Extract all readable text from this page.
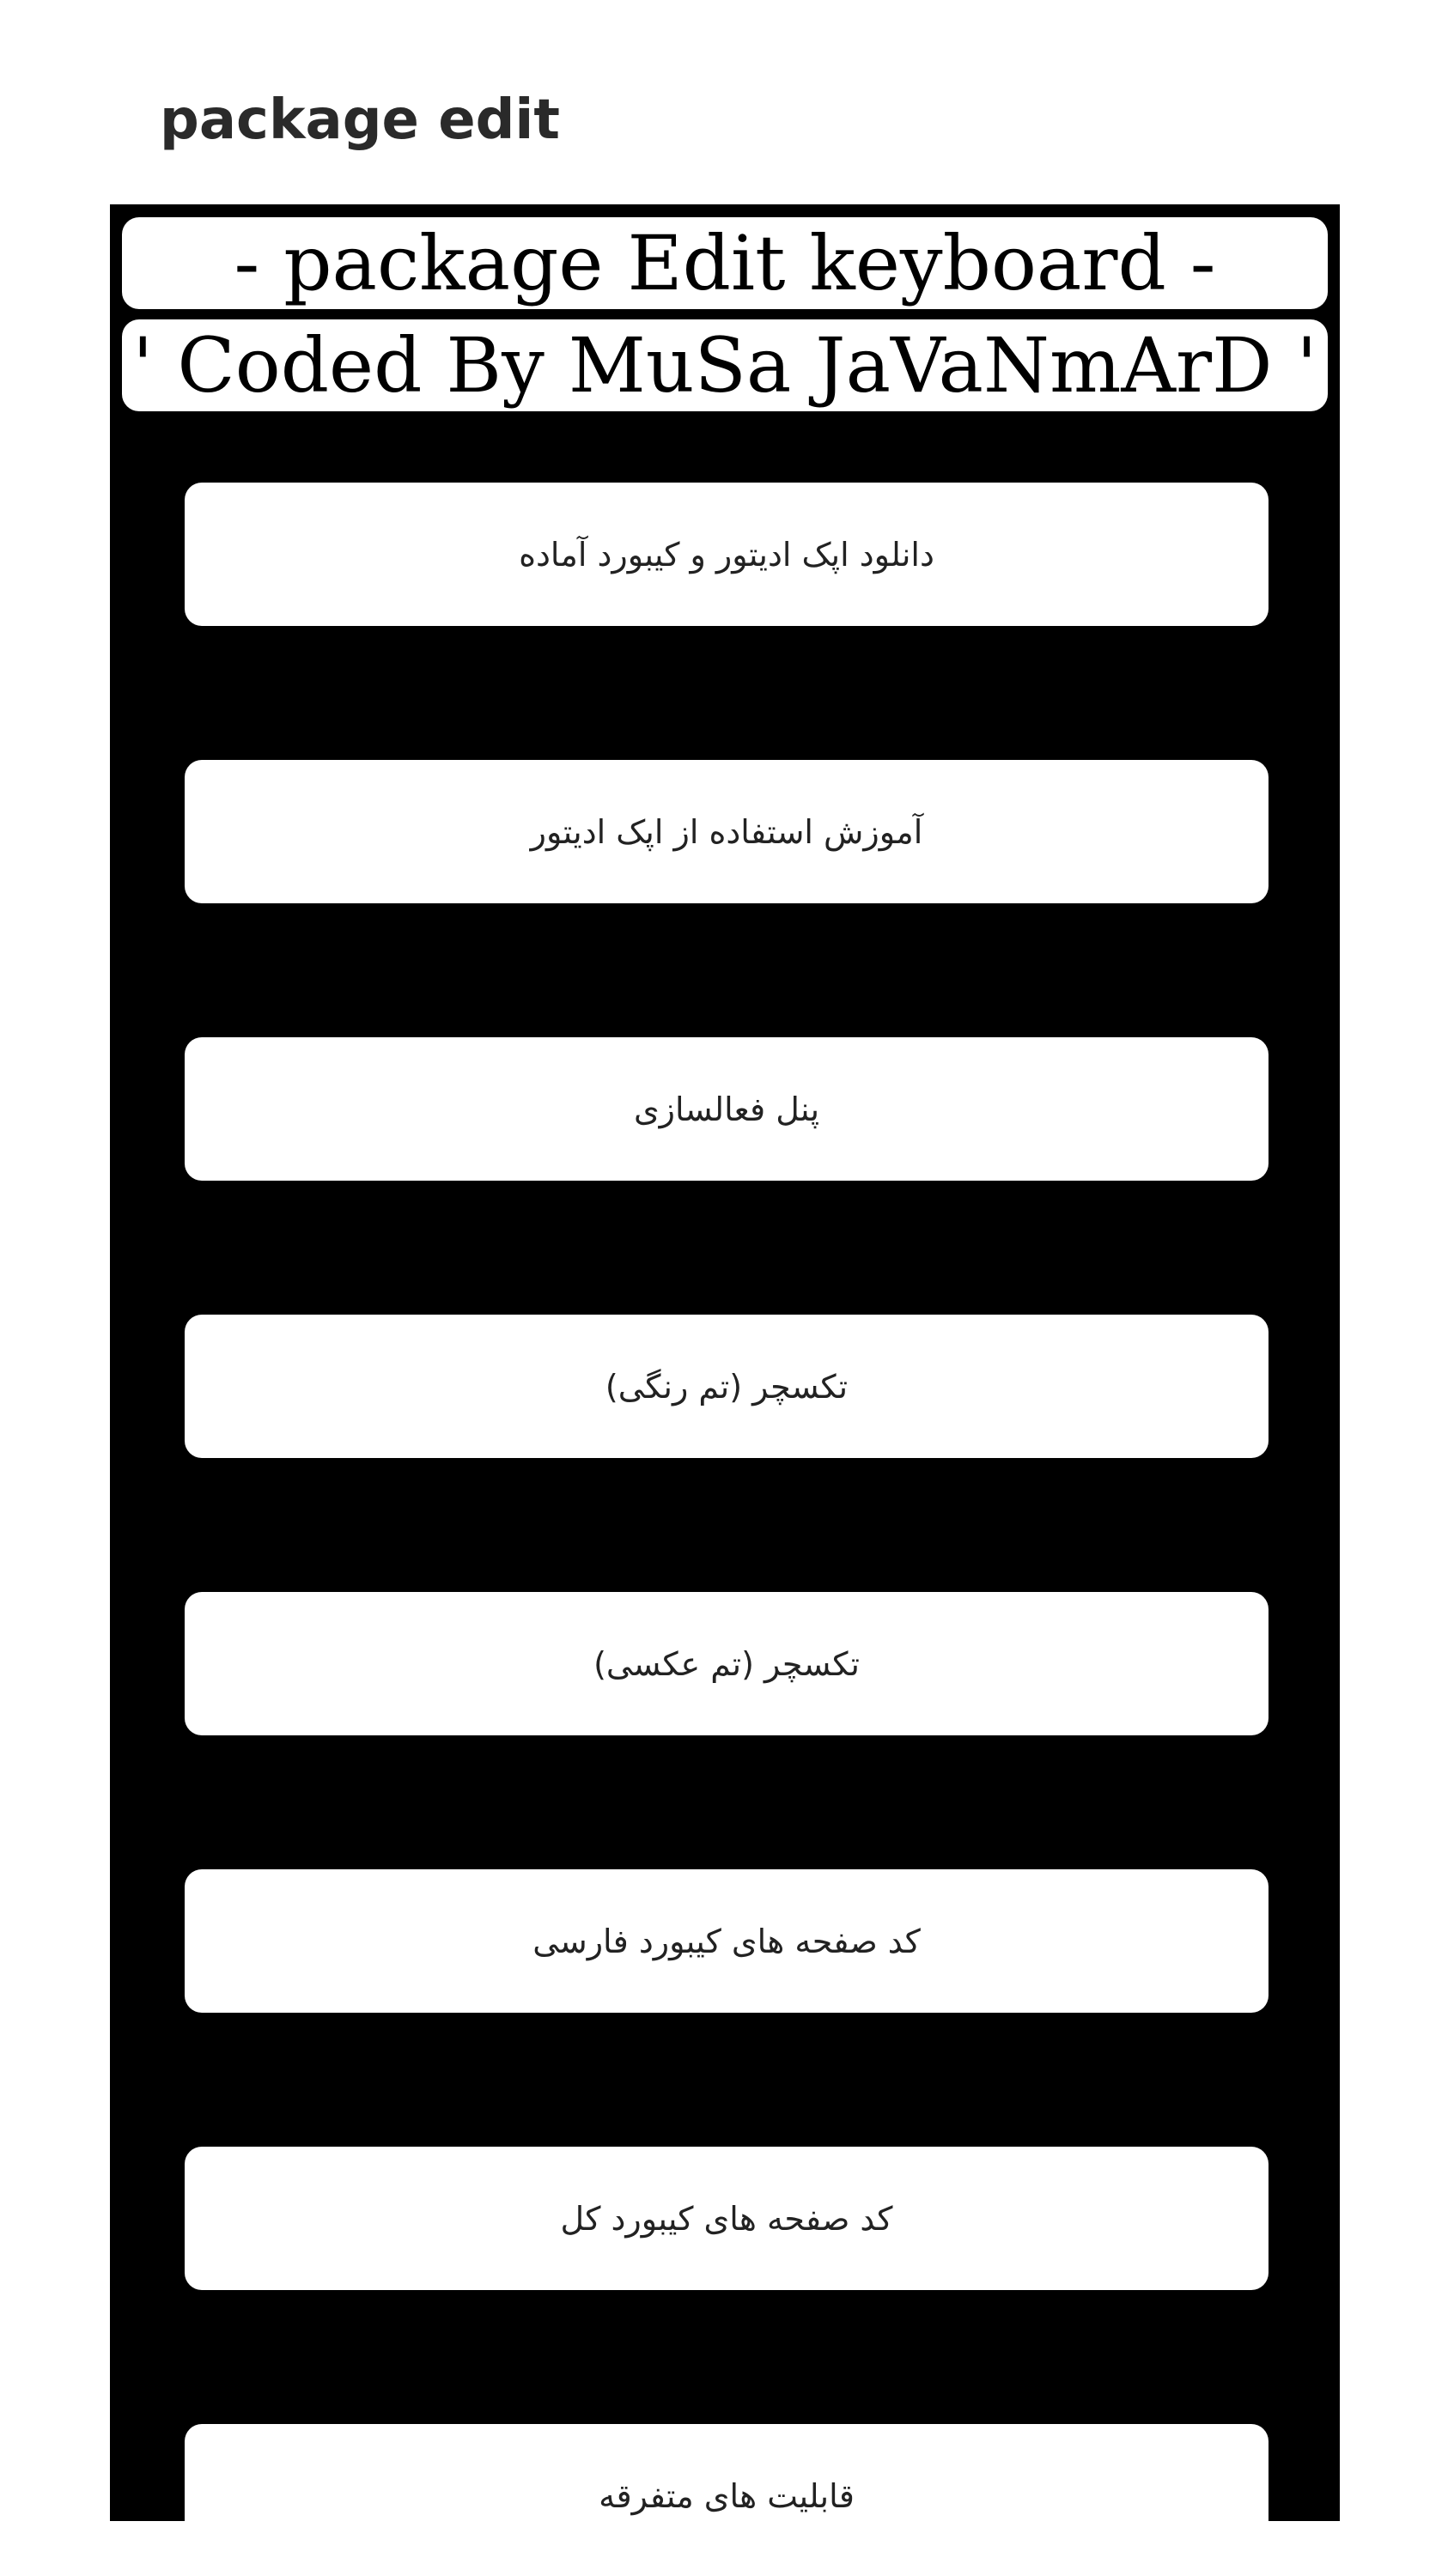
package edit
- package Edit keyboard -
' Coded By MuSa JaVaNmArD '
دانلود اپک ادیتور و کیبورد آماده
آموزش استفاده از اپک ادیتور
پنل فعالسازی
تکسچر (تم رنگی)
تکسچر (تم عکسی)
کد صفحه های کیبورد فارسی
کد صفحه های کیبورد کل
قابلیت های متفرقه
